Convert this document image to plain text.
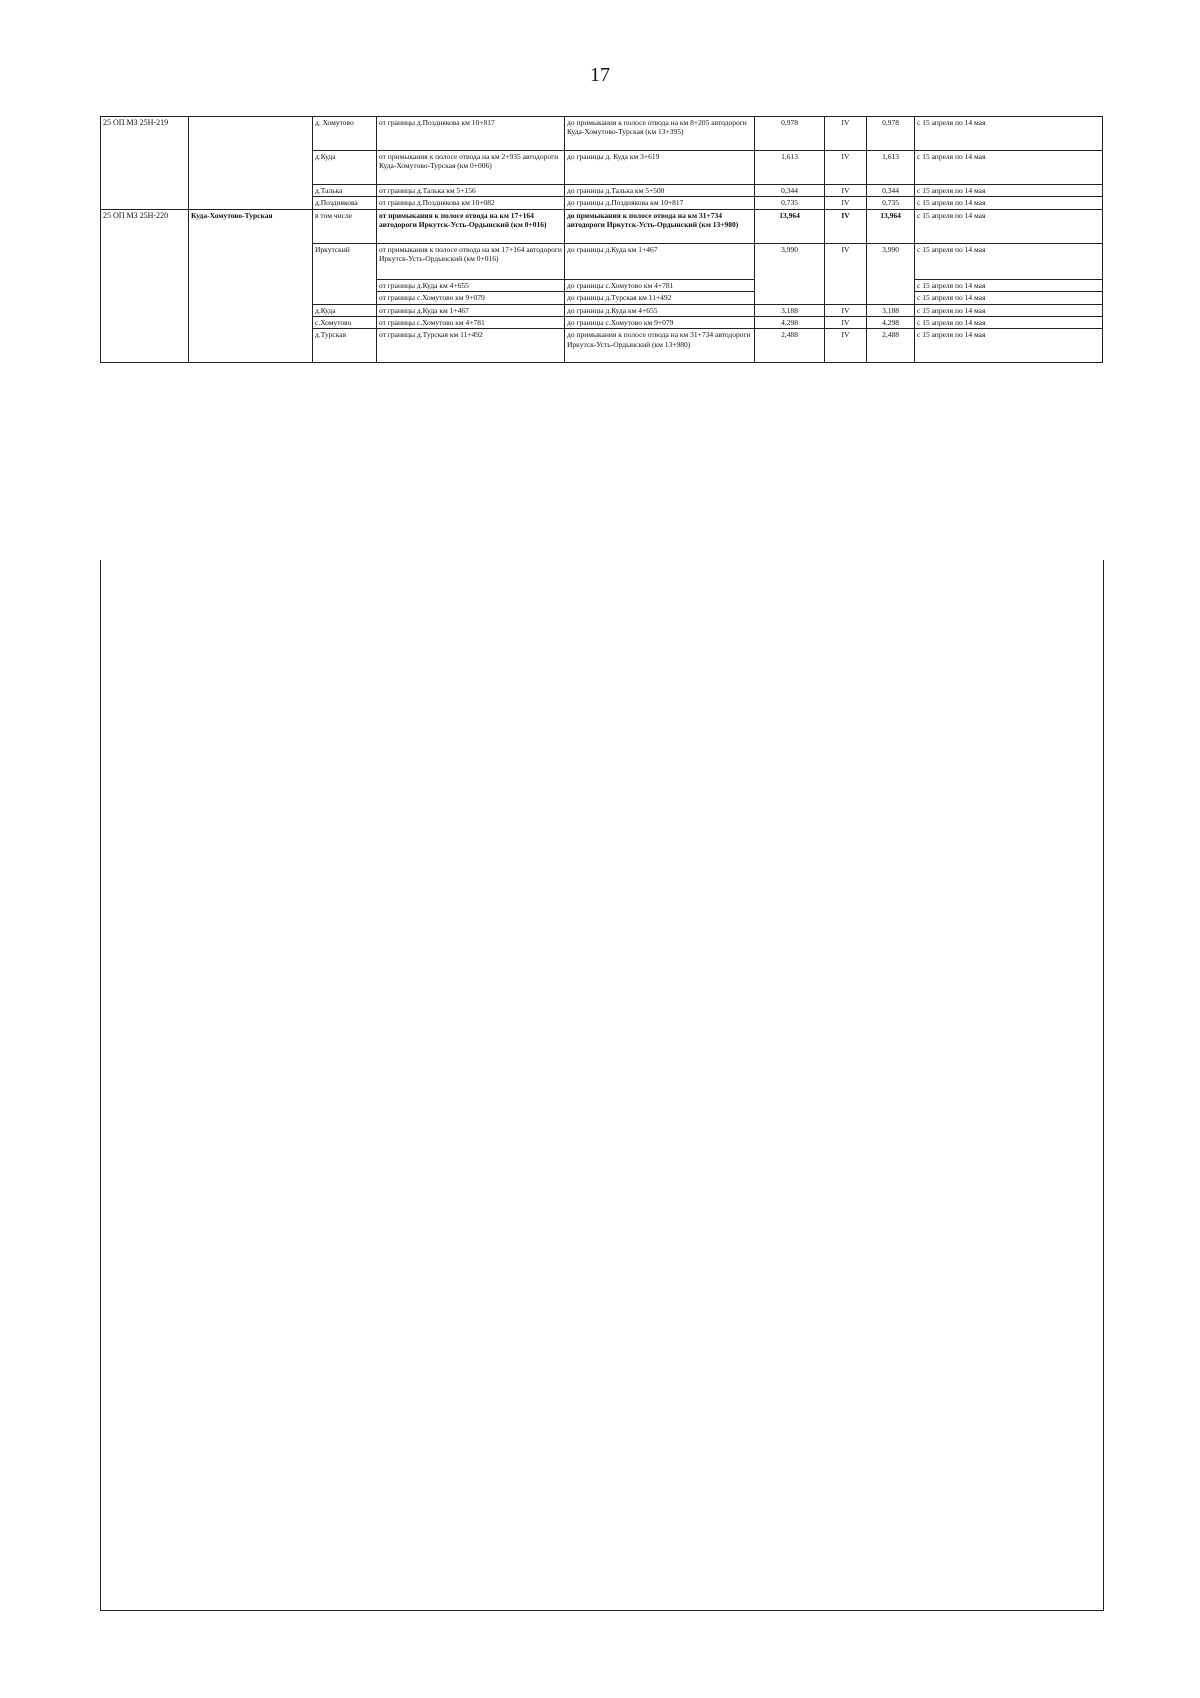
17
25 ОП МЗ 25Н-219		д. Хомутово	от границы д.Позднякова км 10+817	до примыкания к полосе отвода на км 8+205 автодороги Куда-Хомутово-Турская (км 13+395)	0,978	IV	0,978	с 15 апреля по 14 мая
		д.Куда	от примыкания к полосе отвода на км 2+935 автодороги Куда-Хомутово-Турская (км 0+006)	до границы д. Куда км 3+619	1,613	IV	1,613	с 15 апреля по 14 мая
		д.Талька	от границы д.Талька км 5+156	до границы д.Талька км 5+500	0,344	IV	0,344	с 15 апреля по 14 мая
		д.Позднякова	от границы д.Позднякова км 10+082	до границы д.Позднякова км 10+817	0,735	IV	0,735	с 15 апреля по 14 мая
25 ОП МЗ 25Н-220	Куда-Хомутово-Турская	в том числе	от примыкания к полосе отвода на км 17+164 автодороги Иркутск-Усть-Ордынский (км 0+016)	до примыкания к полосе отвода на км 31+734 автодороги Иркутск-Усть-Ордынский (км 13+980)	13,964	IV	13,964	с 15 апреля по 14 мая
		Иркутский	от примыкания к полосе отвода на км 17+164 автодороги Иркутск-Усть-Ордынский (км 0+016)	до границы д.Куда км 1+467	3,990	IV	3,990	с 15 апреля по 14 мая
			от границы д.Куда км 4+655	до границы с.Хомутово км 4+781				с 15 апреля по 14 мая
			от границы с.Хомутово км 9+079	до границы д.Турская км 11+492				с 15 апреля по 14 мая
		д.Куда	от границы д.Куда км 1+467	до границы д.Куда км 4+655	3,188	IV	3,188	с 15 апреля по 14 мая
		с.Хомутово	от границы с.Хомутово км 4+781	до границы с.Хомутово км 9+079	4,298	IV	4,298	с 15 апреля по 14 мая
		д.Турская	от границы д.Турская км 11+492	до примыкания к полосе отвода на км 31+734 автодороги Иркутск-Усть-Ордынский (км 13+980)	2,488	IV	2,488	с 15 апреля по 14 мая
